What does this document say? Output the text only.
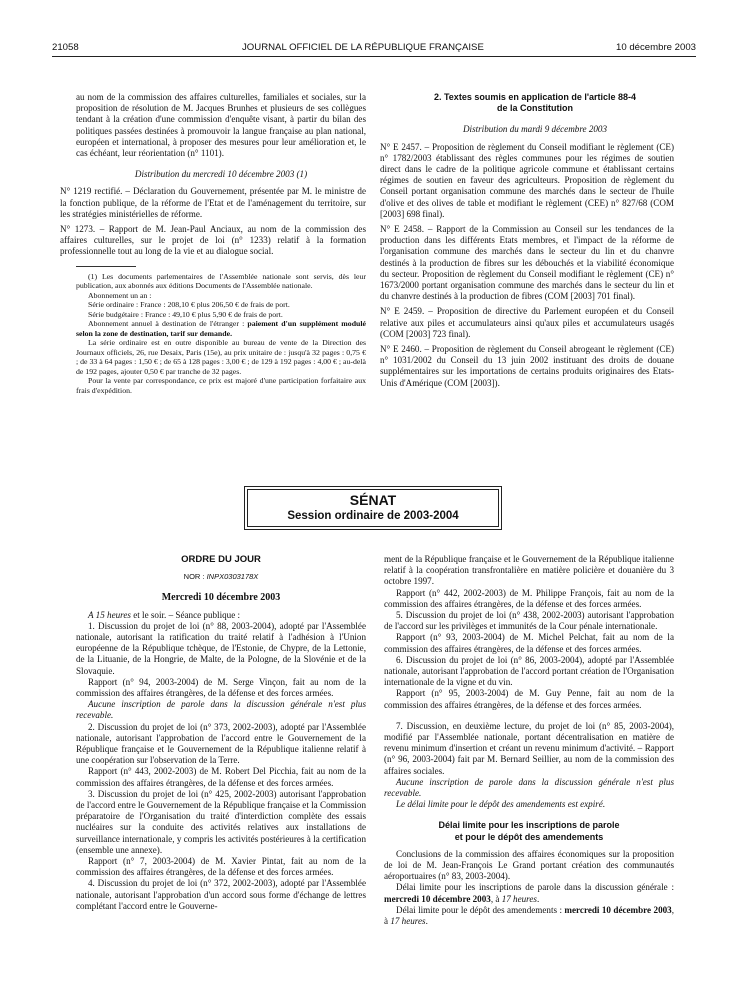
21058	JOURNAL OFFICIEL DE LA RÉPUBLIQUE FRANÇAISE	10 décembre 2003

au nom de la commission des affaires culturelles, familiales et sociales, sur la proposition de résolution de M. Jacques Brunhes et plusieurs de ses collègues tendant à la création d'une commission d'enquête visant, à partir du bilan des politiques passées destinées à promouvoir la langue française au plan national, européen et international, à proposer des mesures pour leur amélioration et, le cas échéant, leur réorientation (n° 1101).

Distribution du mercredi 10 décembre 2003 (1)

N° 1219 rectifié. – Déclaration du Gouvernement, présentée par M. le ministre de la fonction publique, de la réforme de l'Etat et de l'aménagement du territoire, sur les stratégies ministérielles de réforme.

N° 1273. – Rapport de M. Jean-Paul Anciaux, au nom de la commission des affaires culturelles, sur le projet de loi (n° 1233) relatif à la formation professionnelle tout au long de la vie et au dialogue social.

(1) Les documents parlementaires de l'Assemblée nationale sont servis, dès leur publication, aux abonnés aux éditions Documents de l'Assemblée nationale.

Abonnement un an :

Série ordinaire : France : 208,10 € plus 206,50 € de frais de port.

Série budgétaire : France : 49,10 € plus 5,90 € de frais de port.

Abonnement annuel à destination de l'étranger : paiement d'un supplément modulé selon la zone de destination, tarif sur demande.

La série ordinaire est en outre disponible au bureau de vente de la Direction des Journaux officiels, 26, rue Desaix, Paris (15e), au prix unitaire de : jusqu'à 32 pages : 0,75 € ; de 33 à 64 pages : 1,50 € ; de 65 à 128 pages : 3,00 € ; de 129 à 192 pages : 4,00 € ; au-delà de 192 pages, ajouter 0,50 € par tranche de 32 pages.

Pour la vente par correspondance, ce prix est majoré d'une participation forfaitaire aux frais d'expédition.

2. Textes soumis en application de l'article 88-4

de la Constitution

Distribution du mardi 9 décembre 2003

N° E 2457. – Proposition de règlement du Conseil modifiant le règlement (CE) n° 1782/2003 établissant des règles communes pour les régimes de soutien direct dans le cadre de la politique agricole commune et établissant certains régimes de soutien en faveur des agriculteurs. Proposition de règlement du Conseil portant organisation commune des marchés dans le secteur de l'huile d'olive et des olives de table et modifiant le règlement (CEE) n° 827/68 (COM [2003] 698 final).

N° E 2458. – Rapport de la Commission au Conseil sur les tendances de la production dans les différents Etats membres, et l'impact de la réforme de l'organisation commune des marchés dans le secteur du lin et du chanvre destinés à la production de fibres sur les débouchés et la viabilité économique du secteur. Proposition de règlement du Conseil modifiant le règlement (CE) n° 1673/2000 portant organisation commune des marchés dans le secteur du lin et du chanvre destinés à la production de fibres (COM [2003] 701 final).

N° E 2459. – Proposition de directive du Parlement européen et du Conseil relative aux piles et accumulateurs ainsi qu'aux piles et accumulateurs usagés (COM [2003] 723 final).

N° E 2460. – Proposition de règlement du Conseil abrogeant le règlement (CE) n° 1031/2002 du Conseil du 13 juin 2002 instituant des droits de douane supplémentaires sur les importations de certains produits originaires des Etats-Unis d'Amérique (COM [2003]).

SÉNAT
Session ordinaire de 2003-2004

ORDRE DU JOUR

NOR : INPX0303178X

Mercredi 10 décembre 2003

A 15 heures et le soir. – Séance publique :

1. Discussion du projet de loi (n° 88, 2003-2004), adopté par l'Assemblée nationale, autorisant la ratification du traité relatif à l'adhésion à l'Union européenne de la République tchèque, de l'Estonie, de Chypre, de la Lettonie, de la Lituanie, de la Hongrie, de Malte, de la Pologne, de la Slovénie et de la Slovaquie.

Rapport (n° 94, 2003-2004) de M. Serge Vinçon, fait au nom de la commission des affaires étrangères, de la défense et des forces armées.

Aucune inscription de parole dans la discussion générale n'est plus recevable.

2. Discussion du projet de loi (n° 373, 2002-2003), adopté par l'Assemblée nationale, autorisant l'approbation de l'accord entre le Gouvernement de la République française et le Gouvernement de la République italienne relatif à une coopération sur l'observation de la Terre.

Rapport (n° 443, 2002-2003) de M. Robert Del Picchia, fait au nom de la commission des affaires étrangères, de la défense et des forces armées.

3. Discussion du projet de loi (n° 425, 2002-2003) autorisant l'approbation de l'accord entre le Gouvernement de la République française et la Commission préparatoire de l'Organisation du traité d'interdiction complète des essais nucléaires sur la conduite des activités relatives aux installations de surveillance internationale, y compris les activités postérieures à la certification (ensemble une annexe).

Rapport (n° 7, 2003-2004) de M. Xavier Pintat, fait au nom de la commission des affaires étrangères, de la défense et des forces armées.

4. Discussion du projet de loi (n° 372, 2002-2003), adopté par l'Assemblée nationale, autorisant l'approbation d'un accord sous forme d'échange de lettres complétant l'accord entre le Gouverne-

ment de la République française et le Gouvernement de la République italienne relatif à la coopération transfrontalière en matière policière et douanière du 3 octobre 1997.

Rapport (n° 442, 2002-2003) de M. Philippe François, fait au nom de la commission des affaires étrangères, de la défense et des forces armées.

5. Discussion du projet de loi (n° 438, 2002-2003) autorisant l'approbation de l'accord sur les privilèges et immunités de la Cour pénale internationale.

Rapport (n° 93, 2003-2004) de M. Michel Pelchat, fait au nom de la commission des affaires étrangères, de la défense et des forces armées.

6. Discussion du projet de loi (n° 86, 2003-2004), adopté par l'Assemblée nationale, autorisant l'approbation de l'accord portant création de l'Organisation internationale de la vigne et du vin.

Rapport (n° 95, 2003-2004) de M. Guy Penne, fait au nom de la commission des affaires étrangères, de la défense et des forces armées.

7. Discussion, en deuxième lecture, du projet de loi (n° 85, 2003-2004), modifié par l'Assemblée nationale, portant décentralisation en matière de revenu minimum d'insertion et créant un revenu minimum d'activité. – Rapport (n° 96, 2003-2004) fait par M. Bernard Seillier, au nom de la commission des affaires sociales.

Aucune inscription de parole dans la discussion générale n'est plus recevable.

Le délai limite pour le dépôt des amendements est expiré.

Délai limite pour les inscriptions de parole

et pour le dépôt des amendements

Conclusions de la commission des affaires économiques sur la proposition de loi de M. Jean-François Le Grand portant création des communautés aéroportuaires (n° 83, 2003-2004).

Délai limite pour les inscriptions de parole dans la discussion générale : mercredi 10 décembre 2003, à 17 heures.

Délai limite pour le dépôt des amendements : mercredi 10 décembre 2003, à 17 heures.
